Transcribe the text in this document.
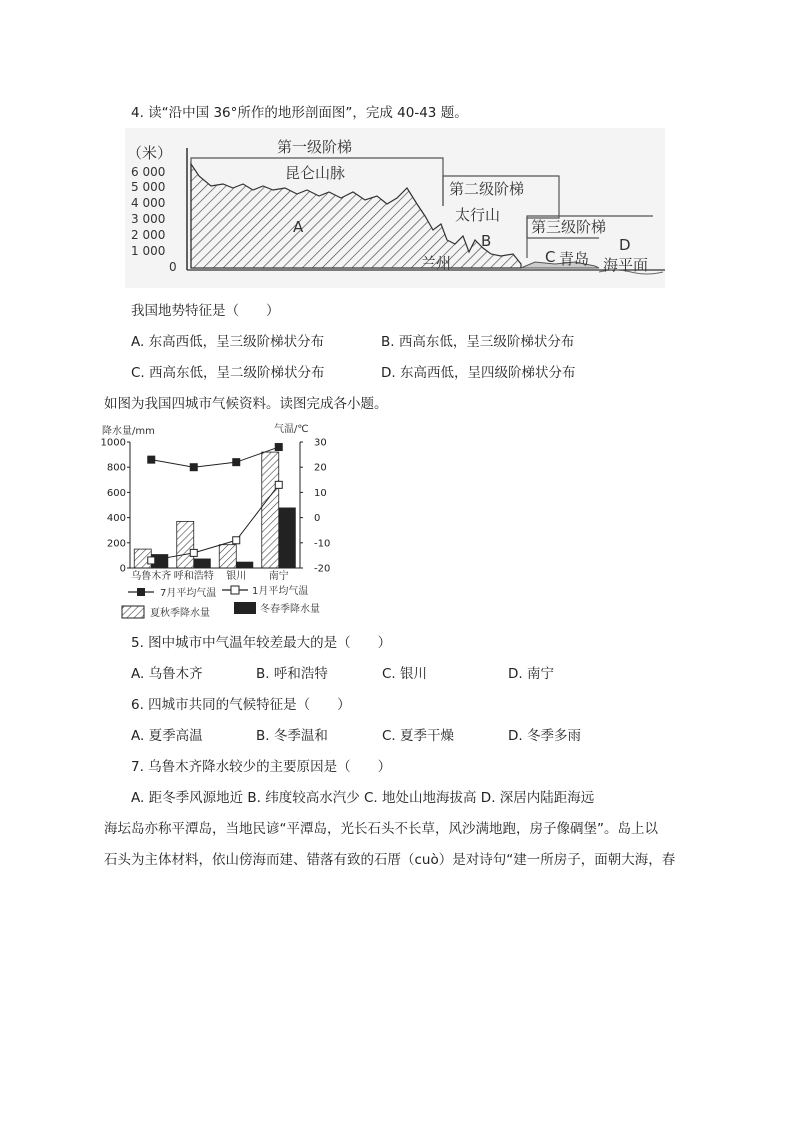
4. 读“沿中国 36°所作的地形剖面图”，完成 40-43 题。
6 000
5 000
4 000
3 000
2 000
1 000
0
（米）	第一级阶梯
昆仑山脉
A
第二级阶梯
太行山
B
兰州
第三级阶梯
C 青岛
D
海平面
我国地势特征是（　　）
A. 东高西低，呈三级阶梯状分布	B. 西高东低，呈三级阶梯状分布
C. 西高东低，呈二级阶梯状分布	D. 东高西低，呈四级阶梯状分布
如图为我国四城市气候资料。读图完成各小题。
降水量/mm	气温/℃
1000
800
600
400
200
0
30
20
10
0
-10
-20
乌鲁木齐 呼和浩特 银川 南宁
7月平均气温	1月平均气温
夏秋季降水量	冬春季降水量
5. 图中城市中气温年较差最大的是（　　）
A. 乌鲁木齐	B. 呼和浩特	C. 银川	D. 南宁
6. 四城市共同的气候特征是（　　）
A. 夏季高温	B. 冬季温和	C. 夏季干燥	D. 冬季多雨
7. 乌鲁木齐降水较少的主要原因是（　　）
A. 距冬季风源地近 B. 纬度较高水汽少 C. 地处山地海拔高 D. 深居内陆距海远
海坛岛亦称平潭岛，当地民谚“平潭岛，光长石头不长草，风沙满地跑，房子像碉堡”。岛上以
石头为主体材料，依山傍海而建、错落有致的石厝（cuò）是对诗句“建一所房子，面朝大海，春
